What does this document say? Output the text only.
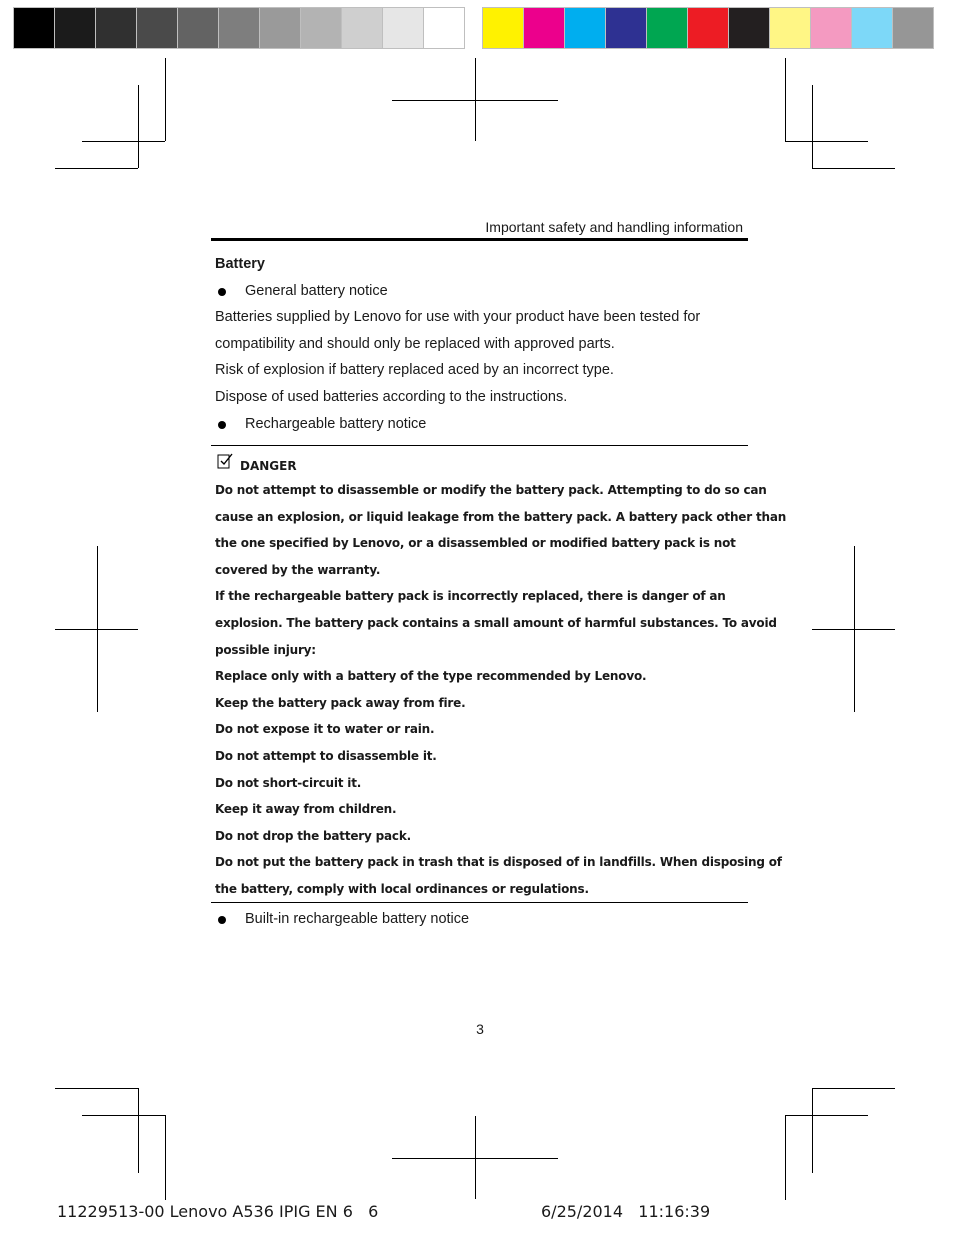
Important safety and handling information
Battery
General battery notice
Batteries supplied by Lenovo for use with your product have been tested for
compatibility and should only be replaced with approved parts.
Risk of explosion if battery replaced aced by an incorrect type.
Dispose of used batteries according to the instructions.
Rechargeable battery notice
DANGER
Do not attempt to disassemble or modify the battery pack. Attempting to do so can
cause an explosion, or liquid leakage from the battery pack. A battery pack other than
the one specified by Lenovo, or a disassembled or modified battery pack is not
covered by the warranty.
If the rechargeable battery pack is incorrectly replaced, there is danger of an
explosion. The battery pack contains a small amount of harmful substances. To avoid
possible injury:
Replace only with a battery of the type recommended by Lenovo.
Keep the battery pack away from fire.
Do not expose it to water or rain.
Do not attempt to disassemble it.
Do not short-circuit it.
Keep it away from children.
Do not drop the battery pack.
Do not put the battery pack in trash that is disposed of in landfills. When disposing of
the battery, comply with local ordinances or regulations.
Built-in rechargeable battery notice
3
11229513-00 Lenovo A536 IPIG EN 6   6	6/25/2014   11:16:39
